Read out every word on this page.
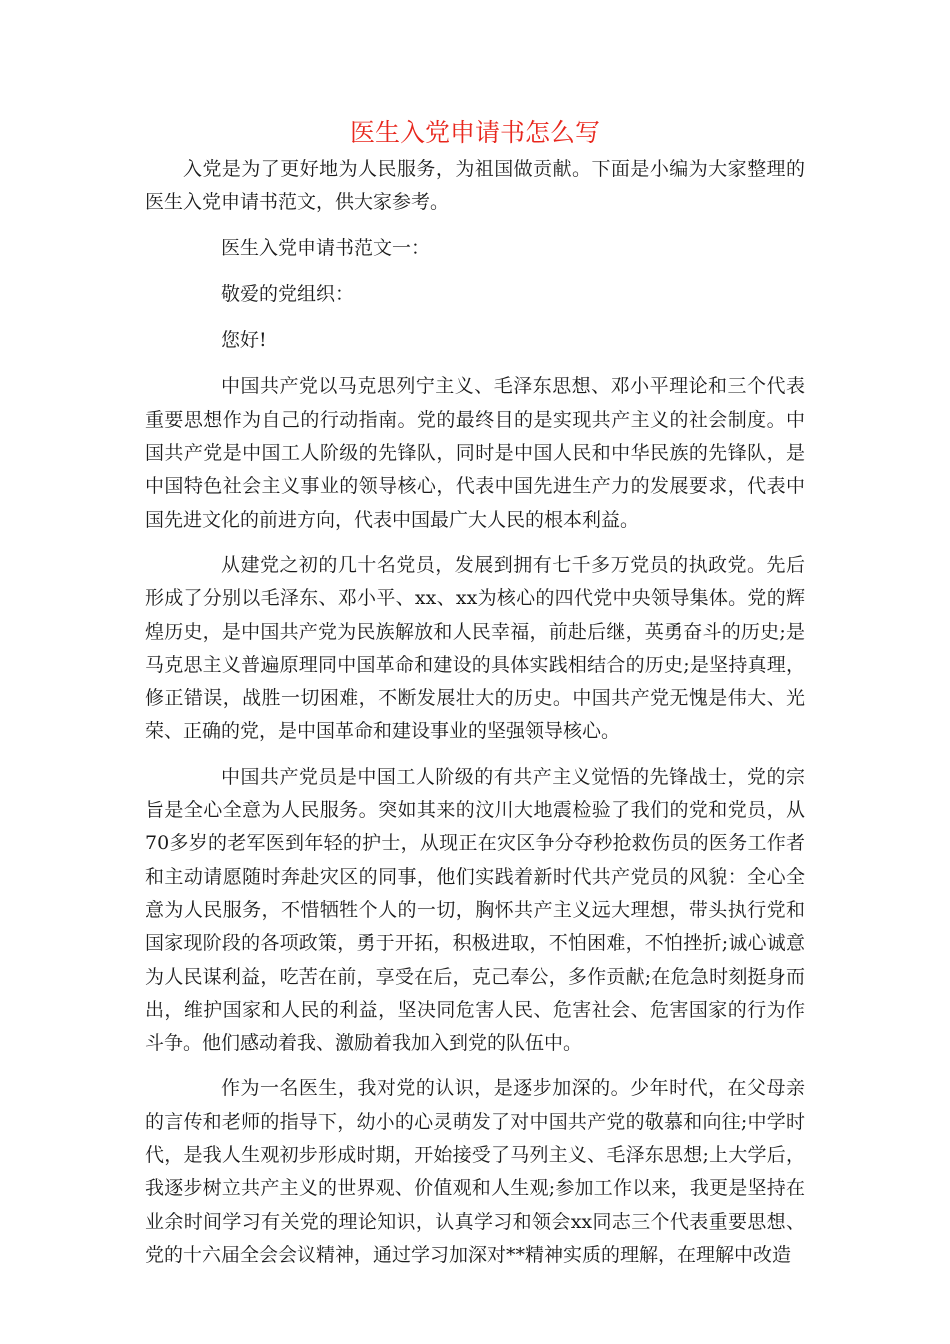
医生入党申请书怎么写

入党是为了更好地为人民服务，为祖国做贡献。下面是小编为大家整理的医生入党申请书范文，供大家参考。

医生入党申请书范文一：

敬爱的党组织：

您好!

中国共产党以马克思列宁主义、毛泽东思想、邓小平理论和三个代表重要思想作为自己的行动指南。党的最终目的是实现共产主义的社会制度。中国共产党是中国工人阶级的先锋队，同时是中国人民和中华民族的先锋队，是中国特色社会主义事业的领导核心，代表中国先进生产力的发展要求，代表中国先进文化的前进方向，代表中国最广大人民的根本利益。

从建党之初的几十名党员，发展到拥有七千多万党员的执政党。先后形成了分别以毛泽东、邓小平、xx、xx为核心的四代党中央领导集体。党的辉煌历史，是中国共产党为民族解放和人民幸福，前赴后继，英勇奋斗的历史;是马克思主义普遍原理同中国革命和建设的具体实践相结合的历史;是坚持真理，修正错误，战胜一切困难，不断发展壮大的历史。中国共产党无愧是伟大、光荣、正确的党，是中国革命和建设事业的坚强领导核心。

中国共产党员是中国工人阶级的有共产主义觉悟的先锋战士，党的宗旨是全心全意为人民服务。突如其来的汶川大地震检验了我们的党和党员，从70多岁的老军医到年轻的护士，从现正在灾区争分夺秒抢救伤员的医务工作者和主动请愿随时奔赴灾区的同事，他们实践着新时代共产党员的风貌：全心全意为人民服务，不惜牺牲个人的一切，胸怀共产主义远大理想，带头执行党和国家现阶段的各项政策，勇于开拓，积极进取，不怕困难，不怕挫折;诚心诚意为人民谋利益，吃苦在前，享受在后，克己奉公，多作贡献;在危急时刻挺身而出，维护国家和人民的利益，坚决同危害人民、危害社会、危害国家的行为作斗争。他们感动着我、激励着我加入到党的队伍中。

作为一名医生，我对党的认识，是逐步加深的。少年时代，在父母亲的言传和老师的指导下，幼小的心灵萌发了对中国共产党的敬慕和向往;中学时代，是我人生观初步形成时期，开始接受了马列主义、毛泽东思想;上大学后，我逐步树立共产主义的世界观、价值观和人生观;参加工作以来，我更是坚持在业余时间学习有关党的理论知识，认真学习和领会xx同志三个代表重要思想、党的十六届全会会议精神，通过学习加深对**精神实质的理解，在理解中改造
